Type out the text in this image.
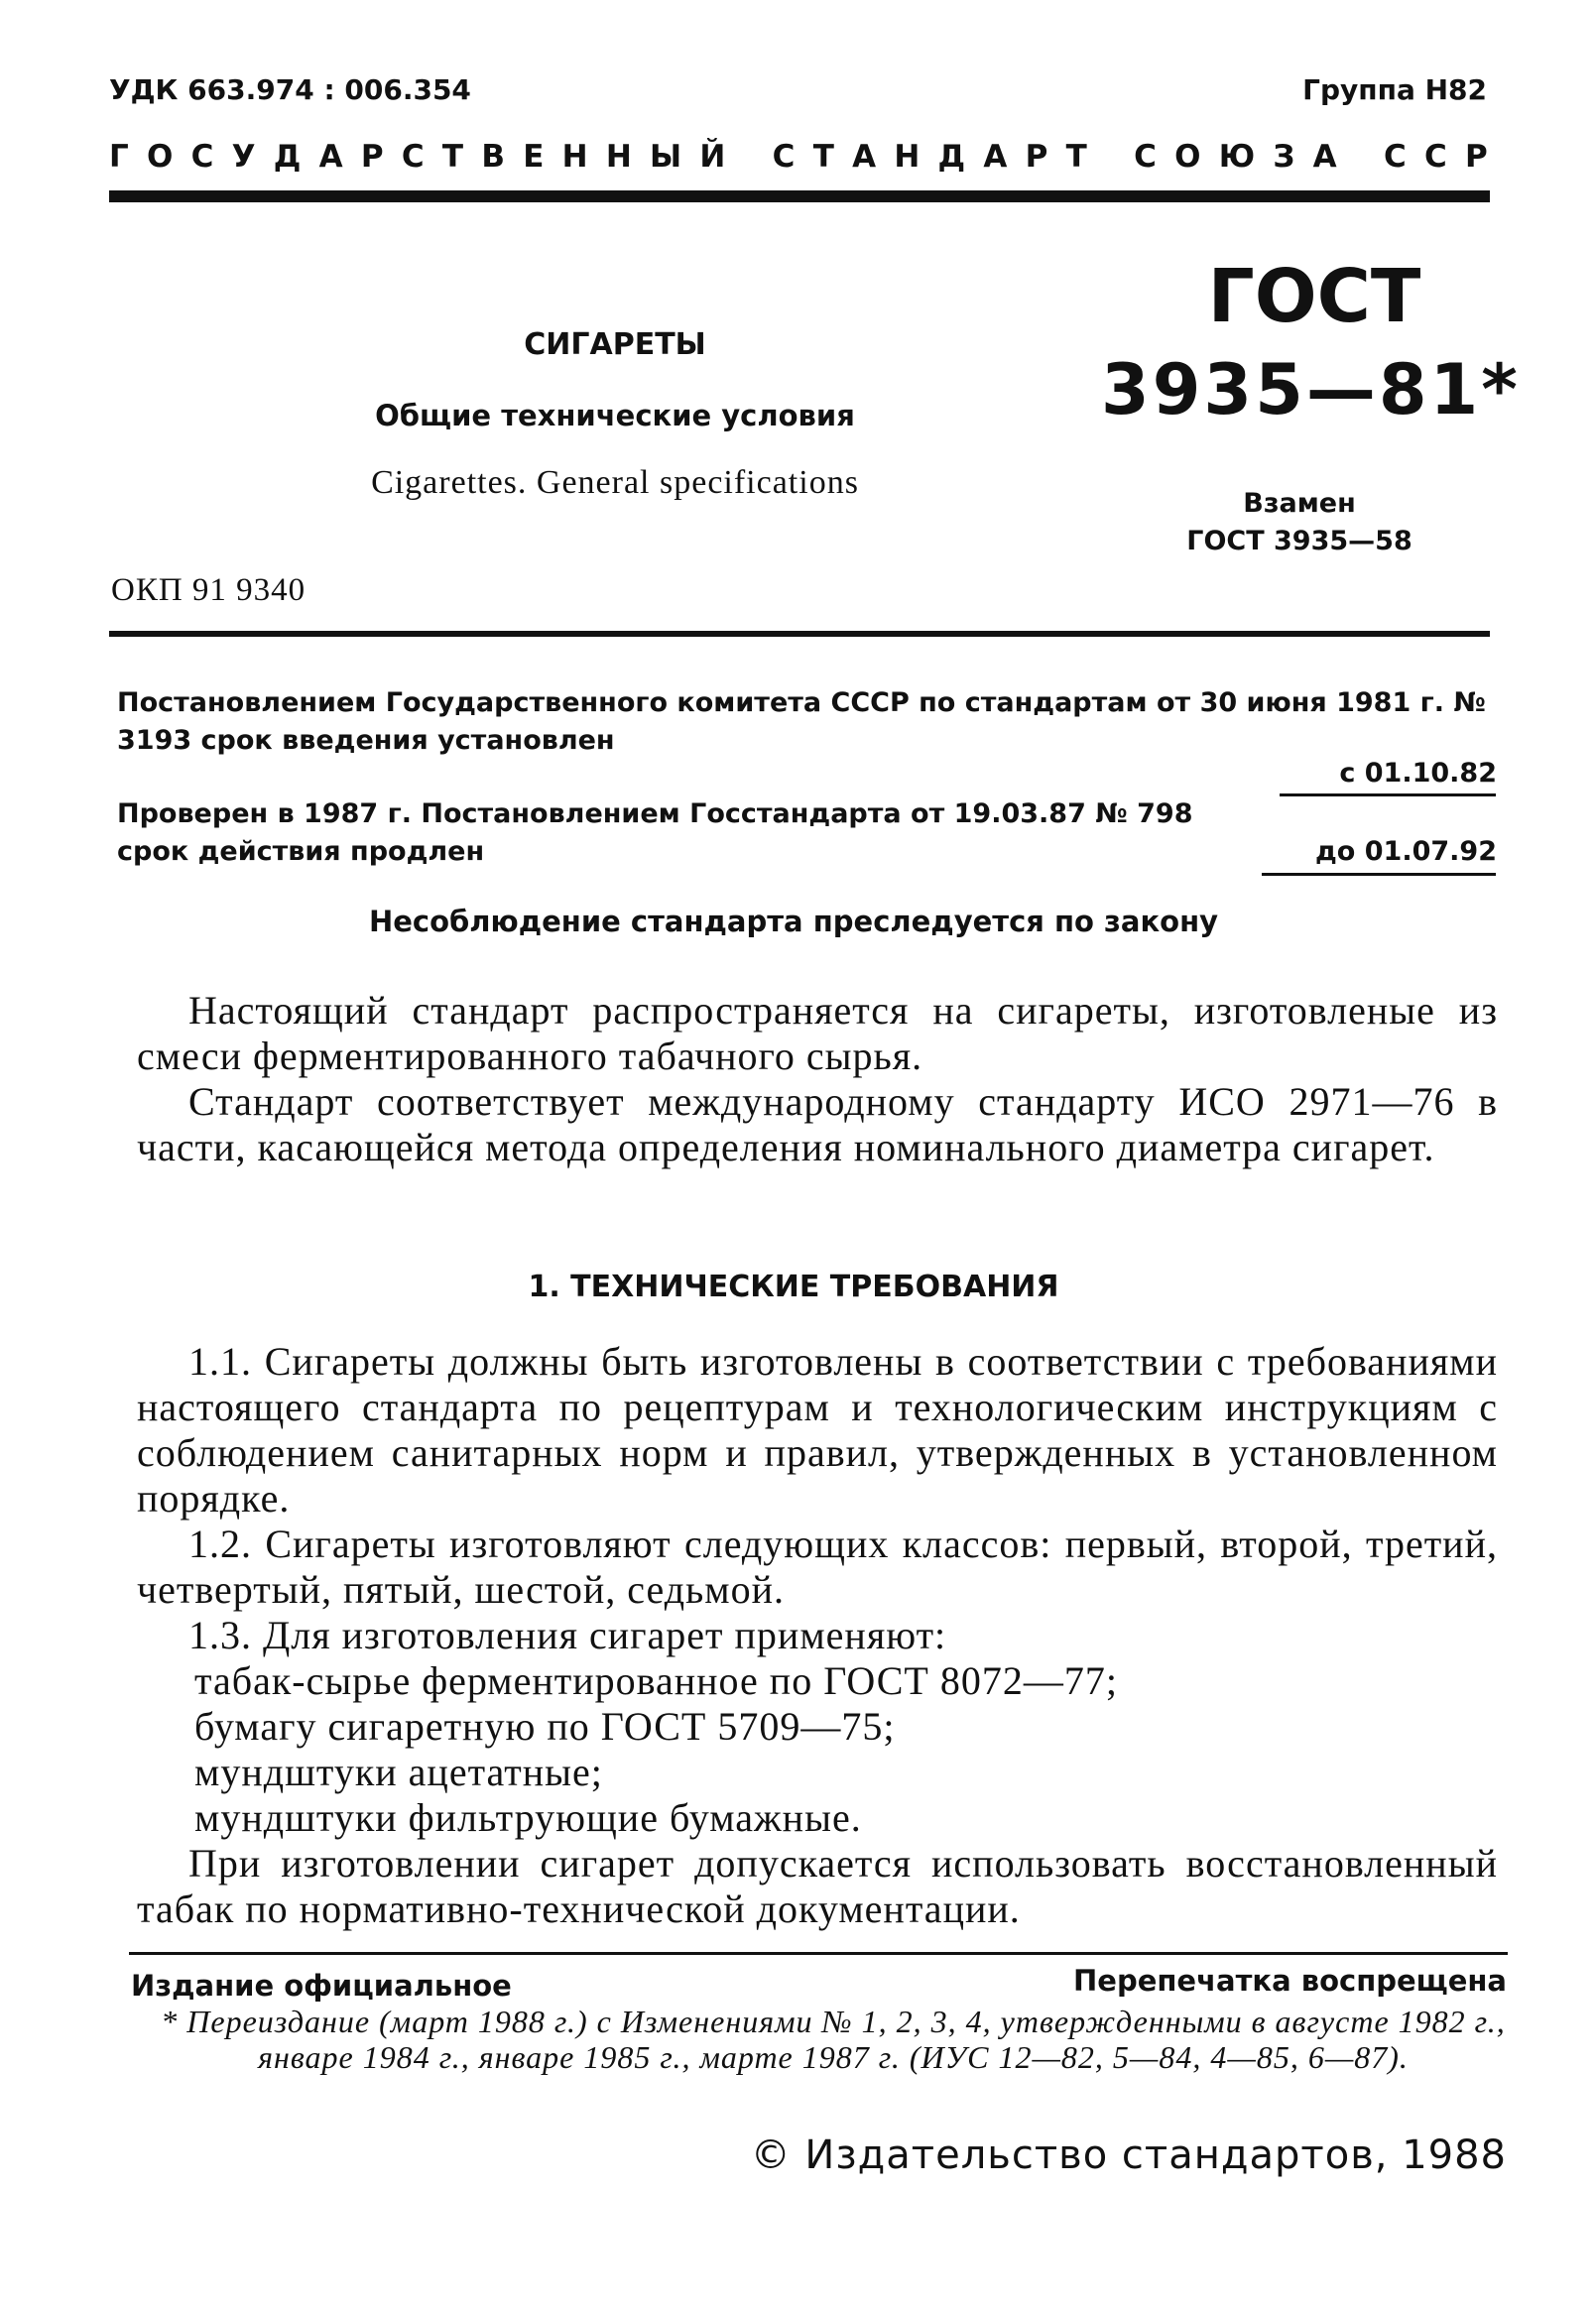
УДК 663.974 : 006.354	Группа Н82
Г О С У Д А Р С Т В Е Н Н Ы Й
С Т А Н Д А Р Т
С О Ю З А
С С Р
СИГАРЕТЫ
Общие технические условия
Cigarettes. General specifications
ОКП 91 9340
ГОСТ
3935—81*
Взамен
ГОСТ 3935—58
Постановлением Государственного комитета СССР по стандартам от 30 июня 1981 г. № 3193 срок введения установлен
с 01.10.82
Проверен в 1987 г. Постановлением Госстандарта от 19.03.87 № 798 срок действия продлен	до 01.07.92
Несоблюдение стандарта преследуется по закону
Настоящий стандарт распространяется на сигареты, изготовленые из смеси ферментированного табачного сырья.
Стандарт соответствует международному стандарту ИСО 2971—76 в части, касающейся метода определения номинального диаметра сигарет.
1. ТЕХНИЧЕСКИЕ ТРЕБОВАНИЯ
1.1. Сигареты должны быть изготовлены в соответствии с требованиями настоящего стандарта по рецептурам и технологическим инструкциям с соблюдением санитарных норм и правил, утвержденных в установленном порядке.
1.2. Сигареты изготовляют следующих классов: первый, второй, третий, четвертый, пятый, шестой, седьмой.
1.3. Для изготовления сигарет применяют:
табак-сырье ферментированное по ГОСТ 8072—77;
бумагу сигаретную по ГОСТ 5709—75;
мундштуки ацетатные;
мундштуки фильтрующие бумажные.
При изготовлении сигарет допускается использовать восстановленный табак по нормативно-технической документации.
Издание официальное	Перепечатка воспрещена
* Переиздание (март 1988 г.) с Изменениями № 1, 2, 3, 4, утвержденными в августе 1982 г., январе 1984 г., январе 1985 г., марте 1987 г. (ИУС 12—82, 5—84, 4—85, 6—87).
© Издательство стандартов, 1988
